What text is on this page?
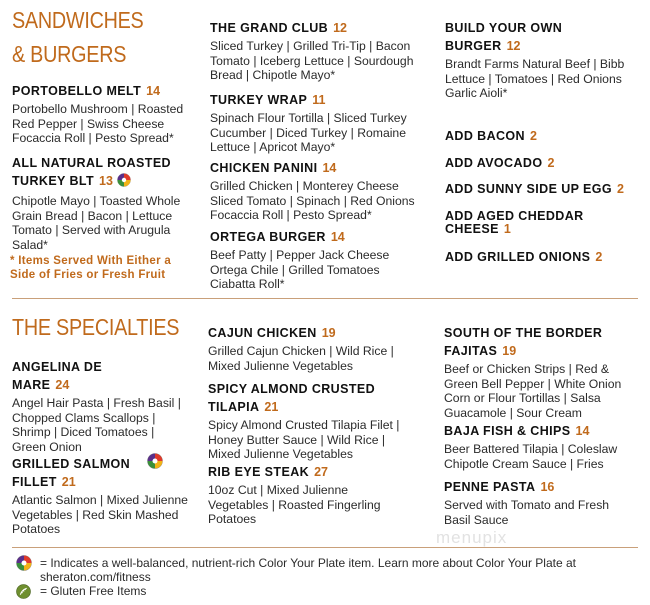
SANDWICHES
& BURGERS
PORTOBELLO MELT 14
Portobello Mushroom | Roasted Red Pepper | Swiss Cheese Focaccia Roll | Pesto Spread*
ALL NATURAL ROASTED TURKEY BLT 13
Chipotle Mayo | Toasted Whole Grain Bread | Bacon | Lettuce Tomato | Served with Arugula Salad*
* Items Served With Either a Side of Fries or Fresh Fruit
THE GRAND CLUB 12
Sliced Turkey | Grilled Tri-Tip | Bacon Tomato | Iceberg Lettuce | Sourdough Bread | Chipotle Mayo*
TURKEY WRAP 11
Spinach Flour Tortilla | Sliced Turkey Cucumber | Diced Turkey | Romaine Lettuce | Apricot Mayo*
CHICKEN PANINI 14
Grilled Chicken | Monterey Cheese Sliced Tomato | Spinach | Red Onions Focaccia Roll | Pesto Spread*
ORTEGA BURGER 14
Beef Patty | Pepper Jack Cheese Ortega Chile | Grilled Tomatoes Ciabatta Roll*
BUILD YOUR OWN BURGER 12
Brandt Farms Natural Beef | Bibb Lettuce | Tomatoes | Red Onions Garlic Aioli*
ADD BACON 2
ADD AVOCADO 2
ADD SUNNY SIDE UP EGG 2
ADD AGED CHEDDAR CHEESE 1
ADD GRILLED ONIONS 2
THE SPECIALTIES
ANGELINA DE MARE 24
Angel Hair Pasta | Fresh Basil | Chopped Clams Scallops | Shrimp | Diced Tomatoes | Green Onion
GRILLED SALMON FILLET 21
Atlantic Salmon | Mixed Julienne Vegetables | Red Skin Mashed Potatoes
CAJUN CHICKEN 19
Grilled Cajun Chicken | Wild Rice | Mixed Julienne Vegetables
SPICY ALMOND CRUSTED TILAPIA 21
Spicy Almond Crusted Tilapia Filet | Honey Butter Sauce | Wild Rice | Mixed Julienne Vegetables
RIB EYE STEAK 27
10oz Cut | Mixed Julienne Vegetables | Roasted Fingerling Potatoes
SOUTH OF THE BORDER FAJITAS 19
Beef or Chicken Strips | Red & Green Bell Pepper | White Onion Corn or Flour Tortillas | Salsa Guacamole | Sour Cream
BAJA FISH & CHIPS 14
Beer Battered Tilapia | Coleslaw Chipotle Cream Sauce | Fries
PENNE PASTA 16
Served with Tomato and Fresh Basil Sauce
menupix
= Indicates a well-balanced, nutrient-rich Color Your Plate item. Learn more about Color Your Plate at sheraton.com/fitness
= Gluten Free Items
